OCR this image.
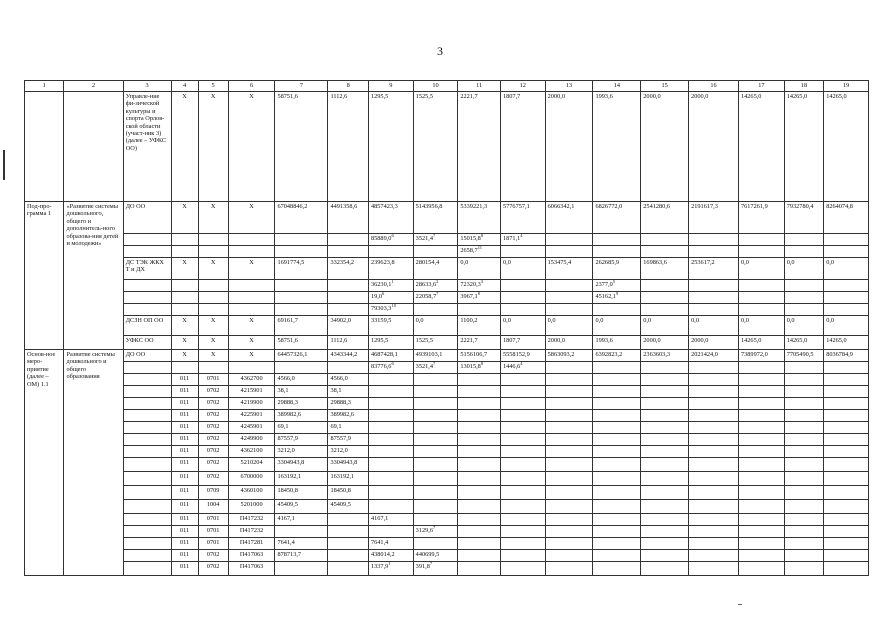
3
1	2	3	4	5	6	7	8	9	10	11	12	13	14	15	16	17	18	19
		Управле-ние фи-зической культуры и спорта Орлов-ской области (участ-ник 3) (далее – УФКС ОО)	X	X	X	58751,6	1112,6	1295,5	1525,5	2221,7	1807,7	2000,0	1993,6	2000,0	2000,0	14265,0	14265,0	14265,0
Под-про-грамма 1	«Развитие системы дошкольного, общего и дополнитель-ного образова-ния детей и молодежи»	ДО ОО	X	X	X	67048846,2	4491358,6	4857423,3	5143956,8	5339221,3	5776757,1	6066342,1	6826772,0	2541280,6	2191617,3	7617261,9	7932780,4	8264074,8
								85889,0$^6$	3521,4$^7$	15015,8$^8$	1871,1$^4$							
										2658,7$^{11}$								
		ДС ТЭК ЖКХ Т и ДХ	X	X	X	1691774,5	332354,2	239623,8	280154,4	0,0	0,0	153475,4	262685,9	169863,6	253617,2	0,0	0,0	0,0
								36230,1$^1$	28633,6$^2$	72320,3$^3$			2377,0$^5$					
								19,0$^6$	22058,7$^7$	3967,1$^8$			45162,1$^9$					
								79303,3$^{10}$										
		ДСЗН ОП ОО	X	X	X	69161,7	34902,0	33159,5	0,0	1100,2	0,0	0,0	0,0	0,0	0,0	0,0	0,0	0,0
		УФКС ОО	X	X	X	58751,6	1112,6	1295,5	1525,5	2221,7	1807,7	2000,0	1993,6	2000,0	2000,0	14265,0	14265,0	14265,0
Основ-ное меро-приятие (далее – ОМ) 1.1	Развитие системы дошкольного и общего образования	ДО ОО	X	X	X	64457326,1	4343344,2	4687428,1	4939103,1	5156106,7	5558152,9	5863093,2	6392823,2	2363603,3	2021424,0	7389972,0	7705490,5	8036784,9
								83776,6$^6$	3521,4$^7$	13015,8$^8$	1446,6$^4$							
			011	0701	4362700	4566,0	4566,0											
			011	0702	4215901	38,1	38,1											
			011	0702	4219900	29888,3	29888,3											
			011	0702	4225901	389982,6	389982,6											
			011	0702	4245901	69,1	69,1											
			011	0702	4249900	87557,9	87557,9											
			011	0702	4362100	3212,0	3212,0											
			011	0702	5210204	3304943,8	3304943,8											
			011	0702	6700000	163192,1	163192,1											
			011	0709	4360100	18450,8	18450,8											
			011	1004	5201000	45409,5	45409,5											
			011	0701	П417232	4167,1		4167,1										
			011	0701	П417232				3129,6$^7$									
			011	0701	П417281	7641,4		7641,4										
			011	0702	П417063	878713,7		438014,2	440699,5									
			011	0702	П417063			1337,9$^1$	391,8$^7$									
